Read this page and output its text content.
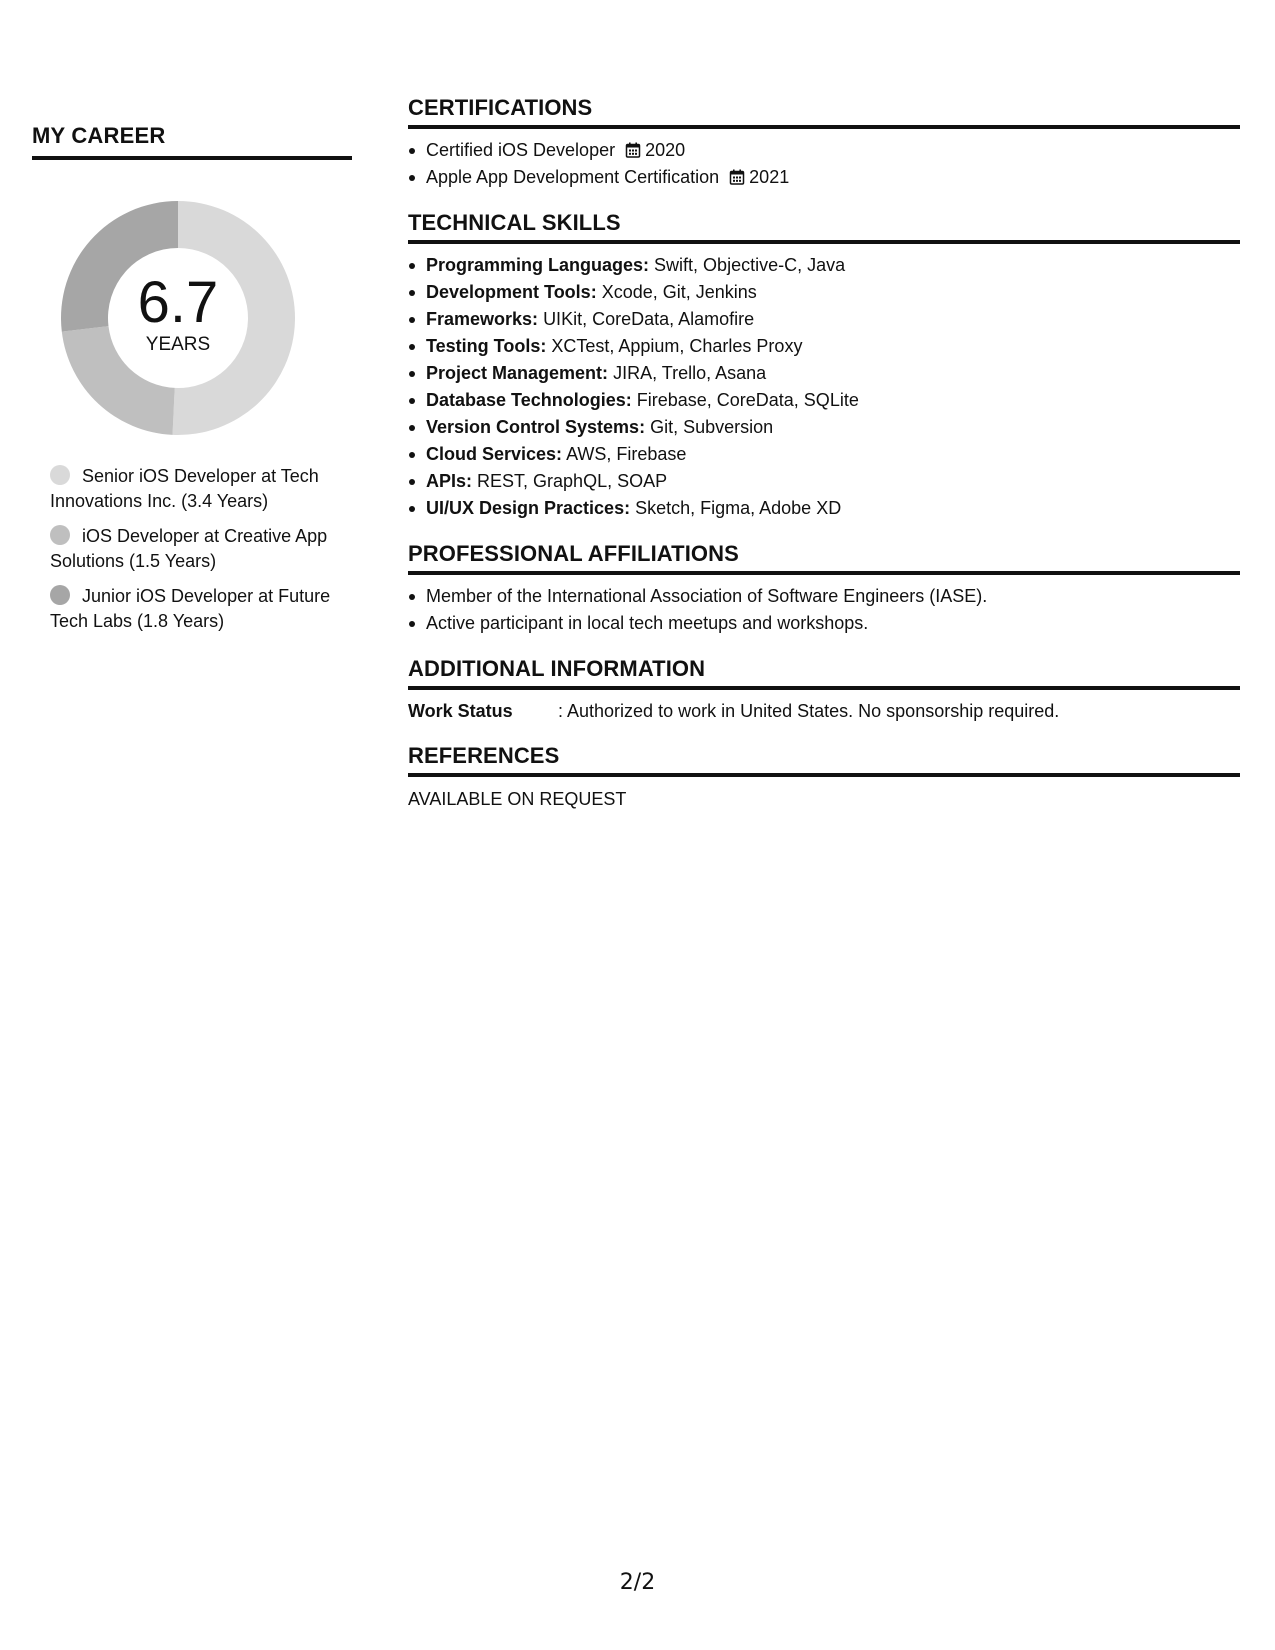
MY CAREER
6.7
YEARS
Senior iOS Developer at Tech Innovations Inc. (3.4 Years)
iOS Developer at Creative App Solutions (1.5 Years)
Junior iOS Developer at Future Tech Labs (1.8 Years)
CERTIFICATIONS
Certified iOS Developer 2020
Apple App Development Certification 2021
TECHNICAL SKILLS
Programming Languages: Swift, Objective-C, Java
Development Tools: Xcode, Git, Jenkins
Frameworks: UIKit, CoreData, Alamofire
Testing Tools: XCTest, Appium, Charles Proxy
Project Management: JIRA, Trello, Asana
Database Technologies: Firebase, CoreData, SQLite
Version Control Systems: Git, Subversion
Cloud Services: AWS, Firebase
APIs: REST, GraphQL, SOAP
UI/UX Design Practices: Sketch, Figma, Adobe XD
PROFESSIONAL AFFILIATIONS
Member of the International Association of Software Engineers (IASE).
Active participant in local tech meetups and workshops.
ADDITIONAL INFORMATION
Work Status	: Authorized to work in United States. No sponsorship required.
REFERENCES
AVAILABLE ON REQUEST
2/2
